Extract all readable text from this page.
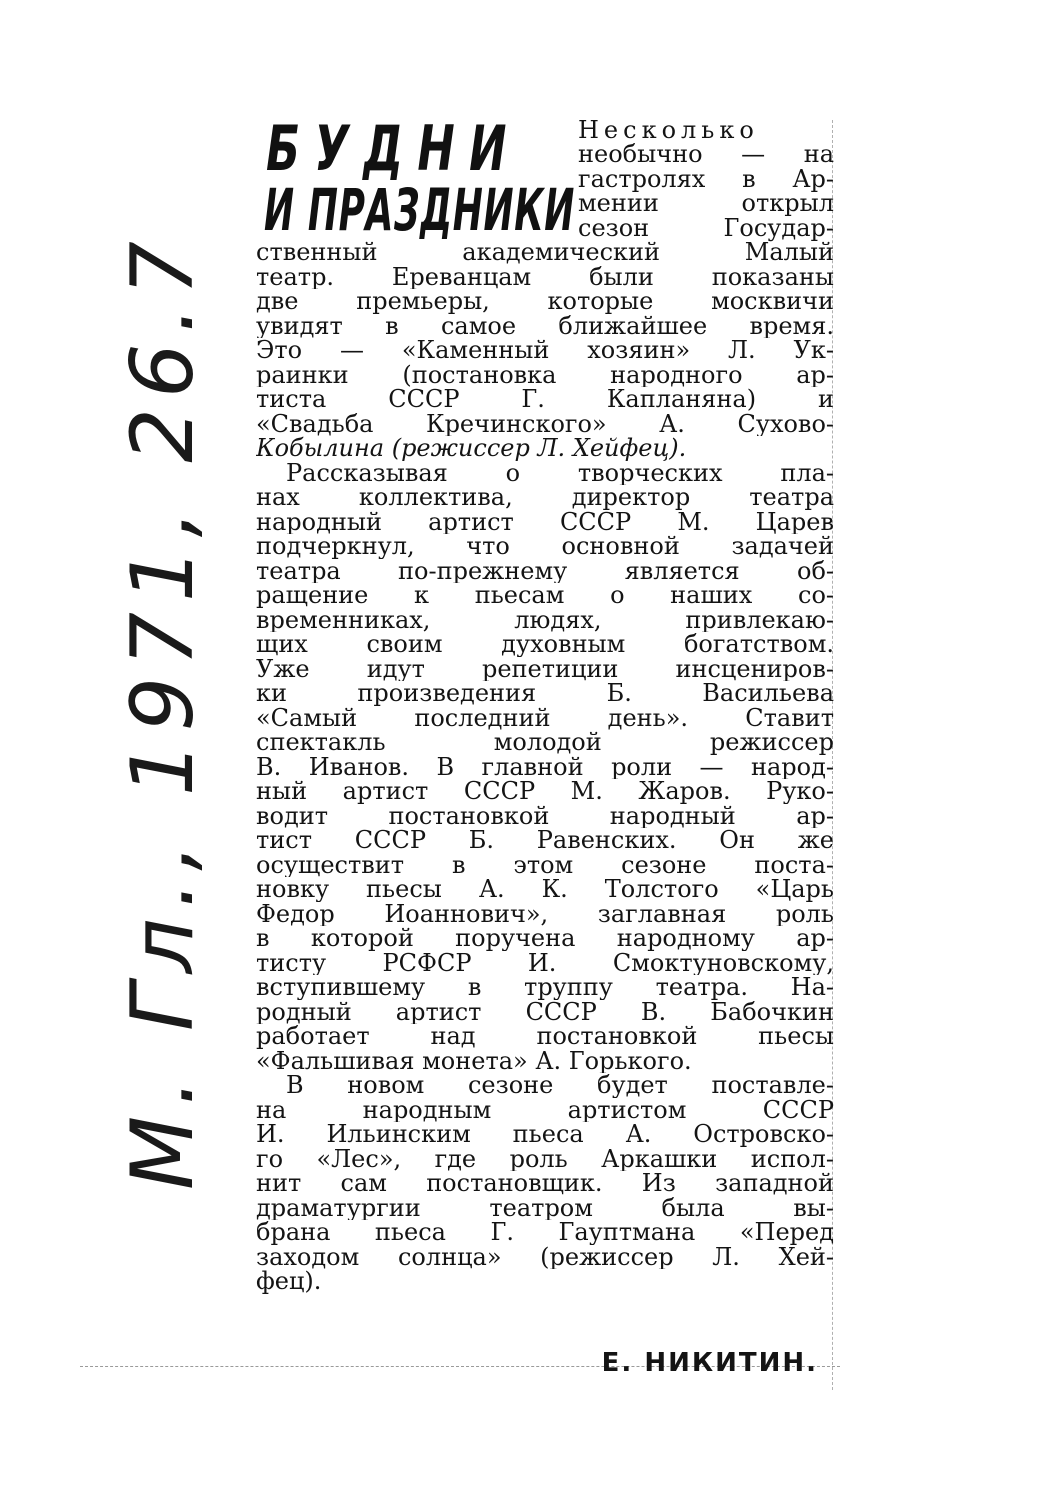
М. Гл., 1971, 26.7
БУДНИ
И ПРАЗДНИКИ
Несколько
необычно — на
гастролях в Ар-
мении открыл
сезон Государ-
ственный академический Малый
театр. Ереванцам были показаны
две премьеры, которые москвичи
увидят в самое ближайшее время.
Это — «Каменный хозяин» Л. Ук-
раинки (постановка народного ар-
тиста СССР Г. Капланяна) и
«Свадьба Кречинского» А. Сухово-
Кобылина (режиссер Л. Хейфец).
Рассказывая о творческих пла-
нах коллектива, директор театра
народный артист СССР М. Царев
подчеркнул, что основной задачей
театра по-прежнему является об-
ращение к пьесам о наших со-
временниках, людях, привлекаю-
щих своим духовным богатством.
Уже идут репетиции инсцениров-
ки произведения Б. Васильева
«Самый последний день». Ставит
спектакль молодой режиссер
В. Иванов. В главной роли — народ-
ный артист СССР М. Жаров. Руко-
водит постановкой народный ар-
тист СССР Б. Равенских. Он же
осуществит в этом сезоне поста-
новку пьесы А. К. Толстого «Царь
Федор Иоаннович», заглавная роль
в которой поручена народному ар-
тисту РСФСР И. Смоктуновскому,
вступившему в труппу театра. На-
родный артист СССР В. Бабочкин
работает над постановкой пьесы
«Фальшивая монета» А. Горького.
В новом сезоне будет поставле-
на народным артистом СССР
И. Ильинским пьеса А. Островско-
го «Лес», где роль Аркашки испол-
нит сам постановщик. Из западной
драматургии театром была вы-
брана пьеса Г. Гауптмана «Перед
заходом солнца» (режиссер Л. Хей-
фец).
Е. НИКИТИН.
